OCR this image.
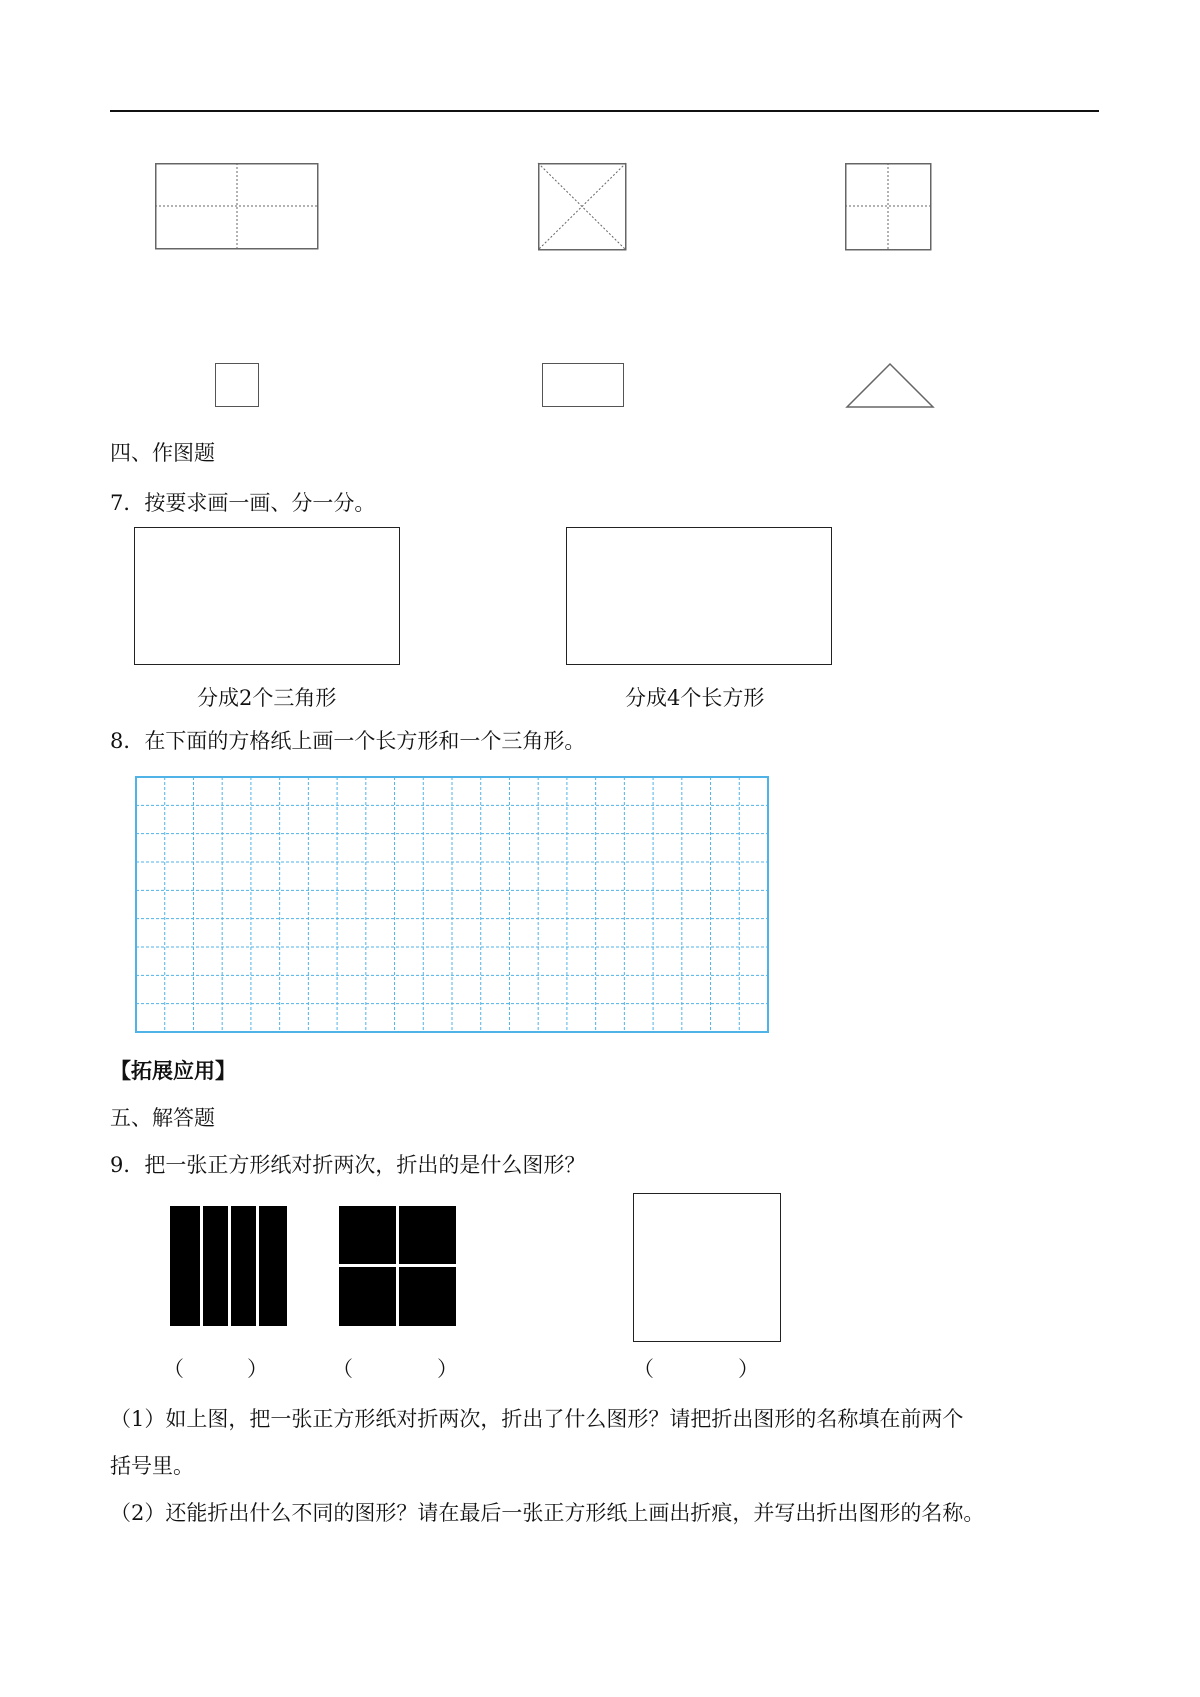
四、作图题
7．按要求画一画、分一分。
分成2个三角形	分成4个长方形
8．在下面的方格纸上画一个长方形和一个三角形。
【拓展应用】
五、解答题
9．把一张正方形纸对折两次，折出的是什么图形？
（　　　）	（　　　　）	（　　　　）
（1）如上图，把一张正方形纸对折两次，折出了什么图形？请把折出图形的名称填在前两个
括号里。
（2）还能折出什么不同的图形？请在最后一张正方形纸上画出折痕，并写出折出图形的名称。
